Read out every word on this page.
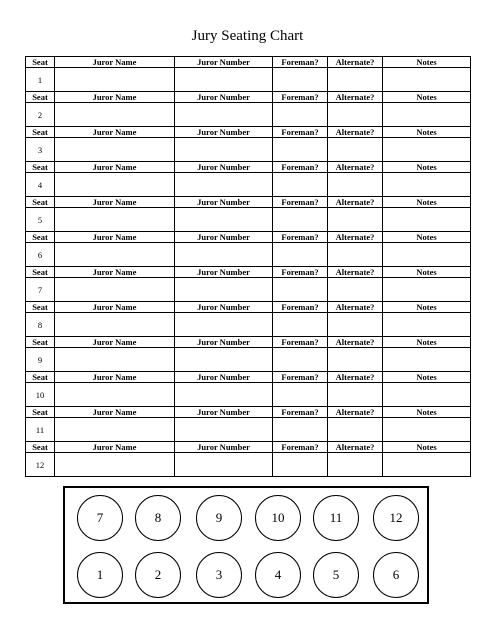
Jury Seating Chart
Seat	Juror Name	Juror Number	Foreman?	Alternate?	Notes
1					
Seat	Juror Name	Juror Number	Foreman?	Alternate?	Notes
2					
Seat	Juror Name	Juror Number	Foreman?	Alternate?	Notes
3					
Seat	Juror Name	Juror Number	Foreman?	Alternate?	Notes
4					
Seat	Juror Name	Juror Number	Foreman?	Alternate?	Notes
5					
Seat	Juror Name	Juror Number	Foreman?	Alternate?	Notes
6					
Seat	Juror Name	Juror Number	Foreman?	Alternate?	Notes
7					
Seat	Juror Name	Juror Number	Foreman?	Alternate?	Notes
8					
Seat	Juror Name	Juror Number	Foreman?	Alternate?	Notes
9					
Seat	Juror Name	Juror Number	Foreman?	Alternate?	Notes
10					
Seat	Juror Name	Juror Number	Foreman?	Alternate?	Notes
11					
Seat	Juror Name	Juror Number	Foreman?	Alternate?	Notes
12					
7	8	9	10	11	12
1	2	3	4	5	6
